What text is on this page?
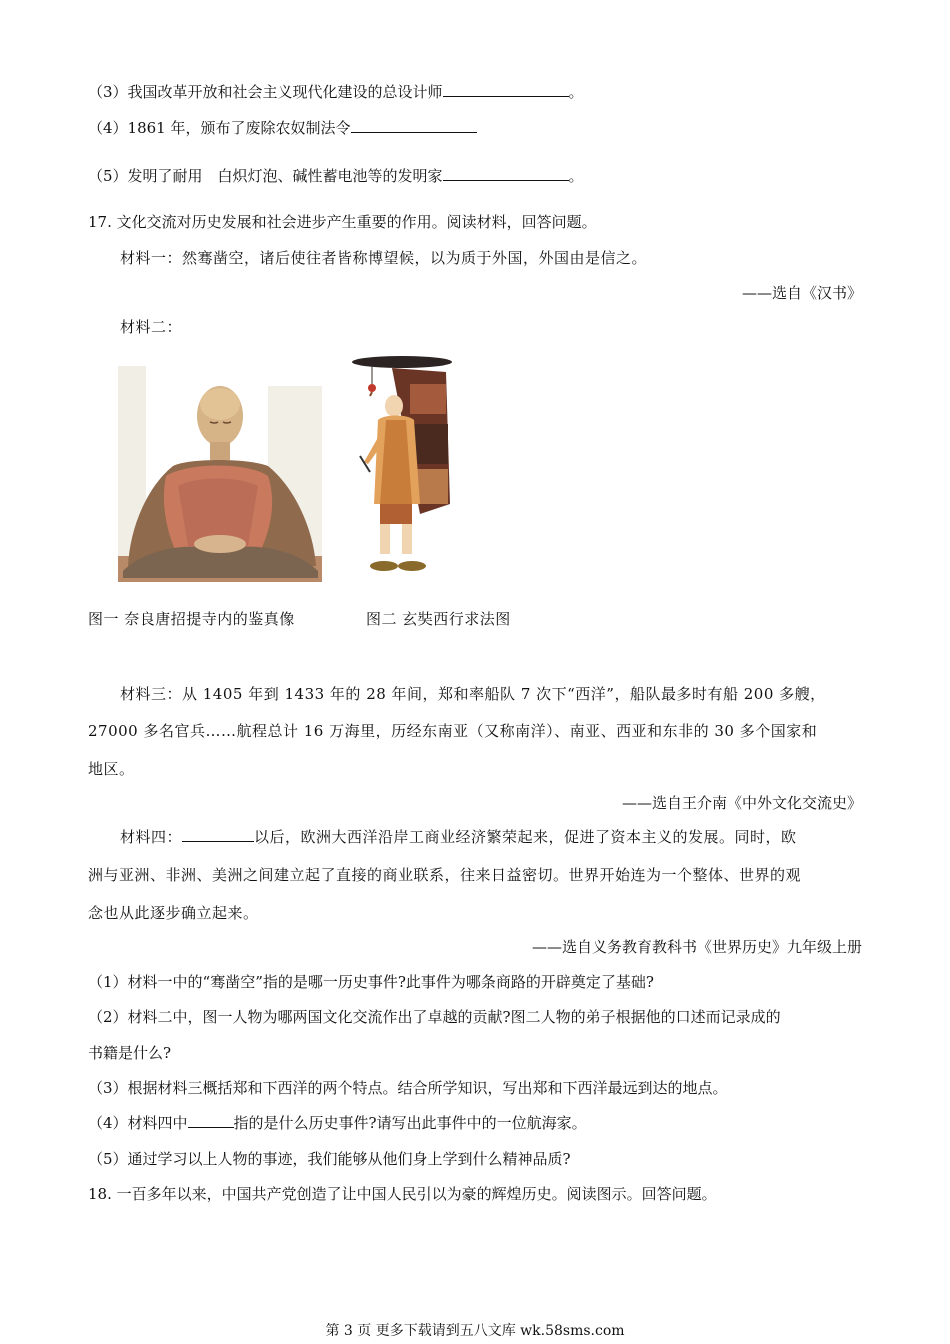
（3）我国改革开放和社会主义现代化建设的总设计师	。
（4）1861 年，颁布了废除农奴制法令
（5）发明了耐用　白炽灯泡、碱性蓄电池等的发明家	。
17. 文化交流对历史发展和社会进步产生重要的作用。阅读材料，回答问题。
材料一：然骞凿空，诸后使往者皆称博望候，以为质于外国，外国由是信之。
——选自《汉书》
材料二：
图一 奈良唐招提寺内的鉴真像	图二 玄奘西行求法图
材料三：从 1405 年到 1433 年的 28 年间，郑和率船队 7 次下“西洋”，船队最多时有船 200 多艘，
27000 多名官兵……航程总计 16 万海里，历经东南亚（又称南洋）、南亚、西亚和东非的 30 多个国家和
地区。
——选自王介南《中外文化交流史》
材料四：	以后，欧洲大西洋沿岸工商业经济繁荣起来，促进了资本主义的发展。同时，欧
洲与亚洲、非洲、美洲之间建立起了直接的商业联系，往来日益密切。世界开始连为一个整体、世界的观
念也从此逐步确立起来。
——选自义务教育教科书《世界历史》九年级上册
（1）材料一中的“骞凿空”指的是哪一历史事件?此事件为哪条商路的开辟奠定了基础?
（2）材料二中，图一人物为哪两国文化交流作出了卓越的贡献?图二人物的弟子根据他的口述而记录成的
书籍是什么?
（3）根据材料三概括郑和下西洋的两个特点。结合所学知识，写出郑和下西洋最远到达的地点。
（4）材料四中	指的是什么历史事件?请写出此事件中的一位航海家。
（5）通过学习以上人物的事迹，我们能够从他们身上学到什么精神品质?
18. 一百多年以来，中国共产党创造了让中国人民引以为豪的辉煌历史。阅读图示。回答问题。
第 3 页 更多下载请到五八文库 wk.58sms.com
